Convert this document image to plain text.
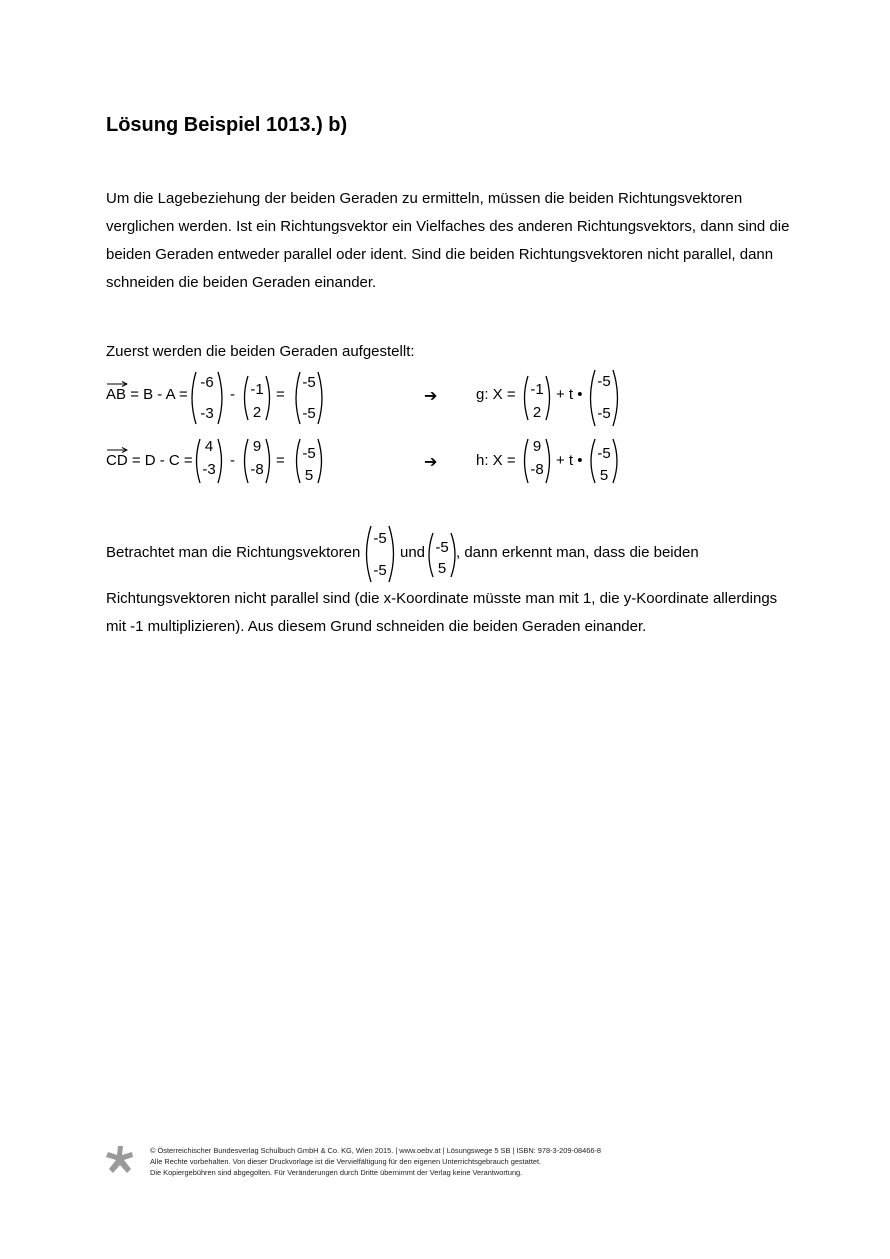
Lösung Beispiel 1013.) b)
Um die Lagebeziehung der beiden Geraden zu ermitteln, müssen die beiden Richtungsvektoren verglichen werden. Ist ein Richtungsvektor ein Vielfaches des anderen Richtungsvektors, dann sind die beiden Geraden entweder parallel oder ident. Sind die beiden Richtungsvektoren nicht parallel, dann schneiden die beiden Geraden einander.
Zuerst werden die beiden Geraden aufgestellt:
AB = B - A =
-6
-3
- -1
2
=
-5
-5
➔	g: X = -1
2
+ t •
-5
-5
CD = D - C =
4
-3
-
9
-8
= -5
5
➔	h: X =
9
-8
+ t • -5
5
Betrachtet man die Richtungsvektoren
-5
-5
und -5
5
, dann erkennt man, dass die beiden
Richtungsvektoren nicht parallel sind (die x-Koordinate müsste man mit 1, die y-Koordinate allerdings mit -1 multiplizieren). Aus diesem Grund schneiden die beiden Geraden einander.
© Österreichischer Bundesverlag Schulbuch GmbH & Co. KG, Wien 2015. | www.oebv.at | Lösungswege 5 SB | ISBN: 978-3-209-08466-8
Alle Rechte vorbehalten. Von dieser Druckvorlage ist die Vervielfältigung für den eigenen Unterrichtsgebrauch gestattet.
Die Kopiergebühren sind abgegolten. Für Veränderungen durch Dritte übernimmt der Verlag keine Verantwortung.
